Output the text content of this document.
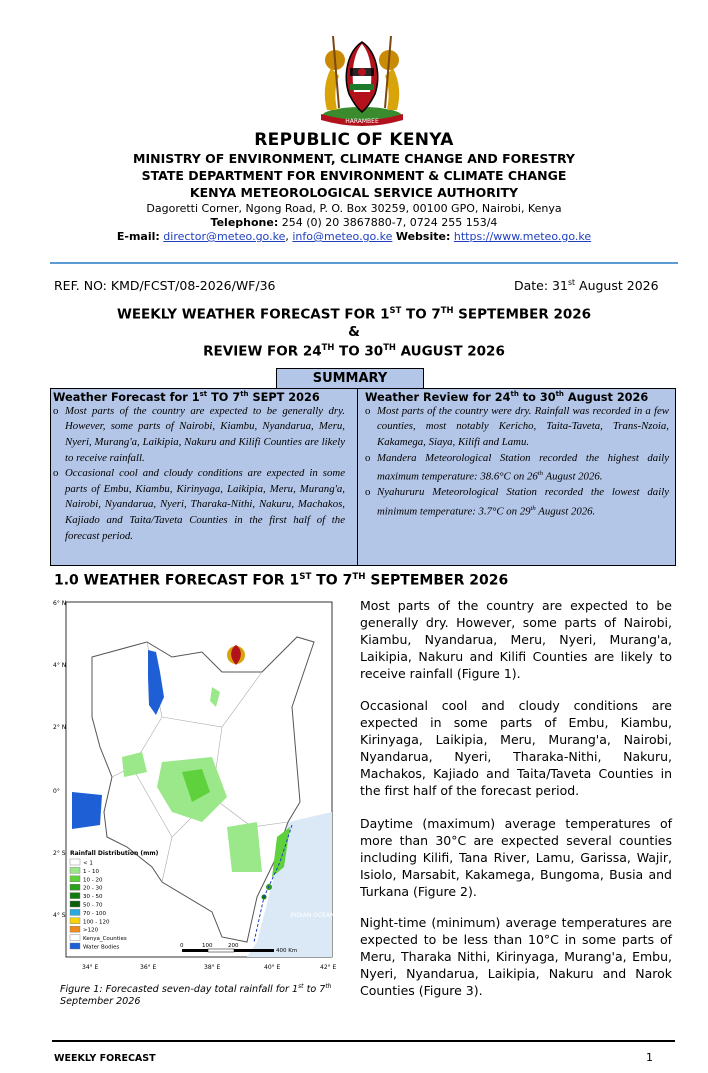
HARAMBEE
REPUBLIC OF KENYA
MINISTRY OF ENVIRONMENT, CLIMATE CHANGE AND FORESTRY
STATE DEPARTMENT FOR ENVIRONMENT & CLIMATE CHANGE
KENYA METEOROLOGICAL SERVICE AUTHORITY
Dagoretti Corner, Ngong Road, P. O. Box 30259, 00100 GPO, Nairobi, Kenya
Telephone: 254 (0) 20 3867880-7, 0724 255 153/4
E-mail: director@meteo.go.ke, info@meteo.go.ke Website: https://www.meteo.go.ke
REF. NO: KMD/FCST/08-2026/WF/36	Date: 31st August 2026
WEEKLY WEATHER FORECAST FOR 1ST TO 7TH SEPTEMBER 2026
&
REVIEW FOR 24TH TO 30TH AUGUST 2026
SUMMARY
Weather Forecast for 1st TO 7th SEPT 2026
o Most parts of the country are expected to be generally dry. However, some parts of Nairobi, Kiambu, Nyandarua, Meru, Nyeri, Murang'a, Laikipia, Nakuru and Kilifi Counties are likely to receive rainfall.
o Occasional cool and cloudy conditions are expected in some parts of Embu, Kiambu, Kirinyaga, Laikipia, Meru, Murang'a, Nairobi, Nyandarua, Nyeri, Tharaka-Nithi, Nakuru, Machakos, Kajiado and Taita/Taveta Counties in the first half of the forecast period.
Weather Review for 24th to 30th August 2026
o Most parts of the country were dry. Rainfall was recorded in a few counties, most notably Kericho, Taita-Taveta, Trans-Nzoia, Kakamega, Siaya, Kilifi and Lamu.
o Mandera Meteorological Station recorded the highest daily maximum temperature: 38.6°C on 26th August 2026.
o Nyahururu Meteorological Station recorded the lowest daily minimum temperature: 3.7°C on 29th August 2026.
1.0 WEATHER FORECAST FOR 1ST TO 7TH SEPTEMBER 2026
INDIAN OCEAN
6° N
4° N
2° N
0°
2° S
4° S
34° E	36° E	38° E	40° E	42° E
0	100	200
400 Km
Rainfall Distribution (mm)
< 1
1 - 10
10 - 20
20 - 30
30 - 50
50 - 70
70 - 100
100 - 120
>120
Kenya_Counties
Water Bodies
Figure 1: Forecasted seven-day total rainfall for 1st to 7th September 2026

Most parts of the country are expected to be generally dry. However, some parts of Nairobi, Kiambu, Nyandarua, Meru, Nyeri, Murang'a, Laikipia, Nakuru and Kilifi Counties are likely to receive rainfall (Figure 1).

Occasional cool and cloudy conditions are expected in some parts of Embu, Kiambu, Kirinyaga, Laikipia, Meru, Murang'a, Nairobi, Nyandarua, Nyeri, Tharaka-Nithi, Nakuru, Machakos, Kajiado and Taita/Taveta Counties in the first half of the forecast period.

Daytime (maximum) average temperatures of more than 30°C are expected several counties including Kilifi, Tana River, Lamu, Garissa, Wajir, Isiolo, Marsabit, Kakamega, Bungoma, Busia and Turkana (Figure 2).

Night-time (minimum) average temperatures are expected to be less than 10°C in some parts of Meru, Tharaka Nithi, Kirinyaga, Murang'a, Embu, Nyeri, Nyandarua, Laikipia, Nakuru and Narok Counties (Figure 3).

WEEKLY FORECAST	1
